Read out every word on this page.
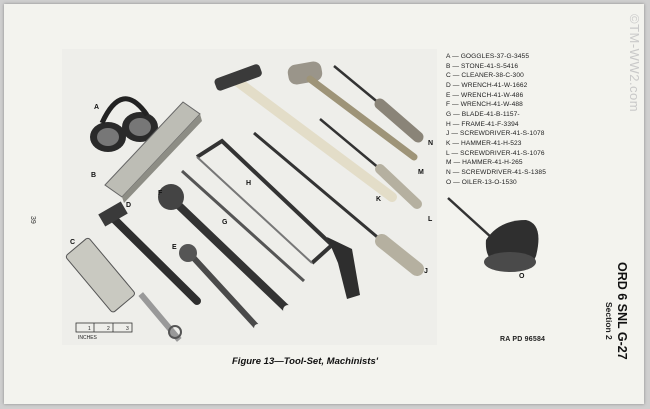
©TM-WW2.com
39
1	2	3
INCHES
A
B
C
D
E
F
G
H
J
K
L
M
N
O
A — GOGGLES-37-G-3455
B — STONE-41-S-5416
C — CLEANER-38-C-300
D — WRENCH-41-W-1662
E — WRENCH-41-W-486
F — WRENCH-41-W-488
G — BLADE-41-B-1157-
H — FRAME-41-F-3394
J — SCREWDRIVER-41-S-1078
K — HAMMER-41-H-523
L — SCREWDRIVER-41-S-1076
M — HAMMER-41-H-265
N — SCREWDRIVER-41-S-1385
O — OILER-13-O-1530
RA PD 96584
Figure 13—Tool-Set, Machinists'
ORD 6 SNL G-27
Section 2
